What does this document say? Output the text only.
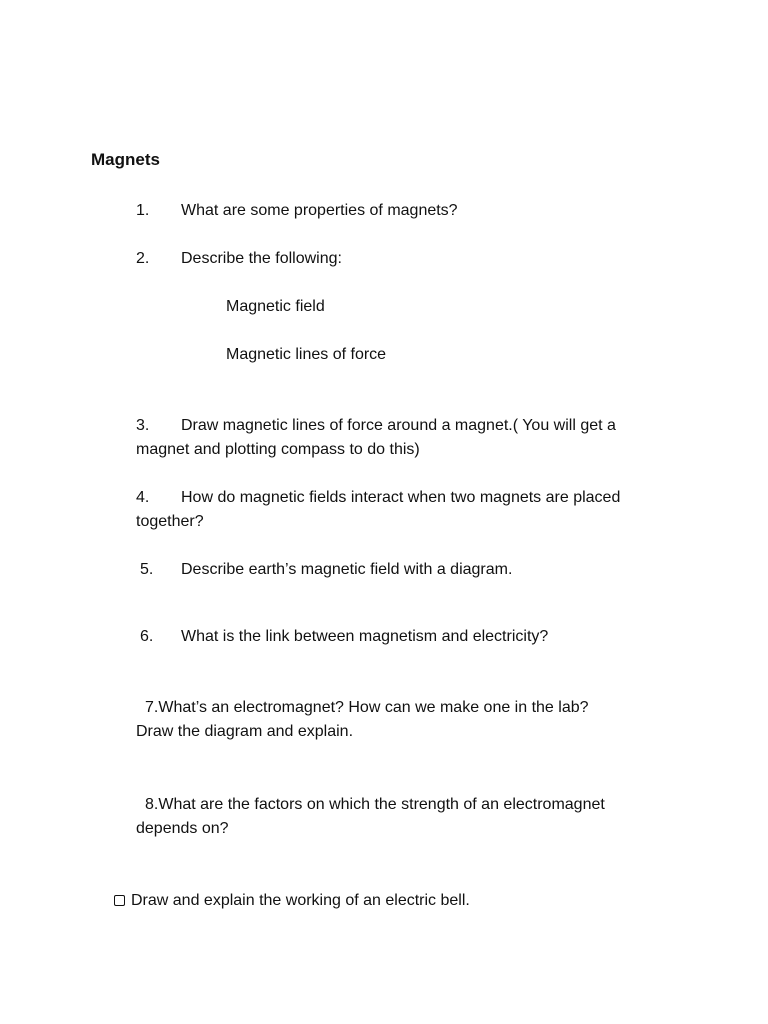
Magnets
1. What are some properties of magnets?
2. Describe the following:
Magnetic field
Magnetic lines of force
3. Draw magnetic lines of force around a magnet.( You will get a
magnet and plotting compass to do this)
4. How do magnetic fields interact when two magnets are placed
together?
5. Describe earth’s magnetic field with a diagram.
6. What is the link between magnetism and electricity?
7.What’s an electromagnet? How can we make one in the lab?
Draw the diagram and explain.
8.What are the factors on which the strength of an electromagnet
depends on?
Draw and explain the working of an electric bell.
